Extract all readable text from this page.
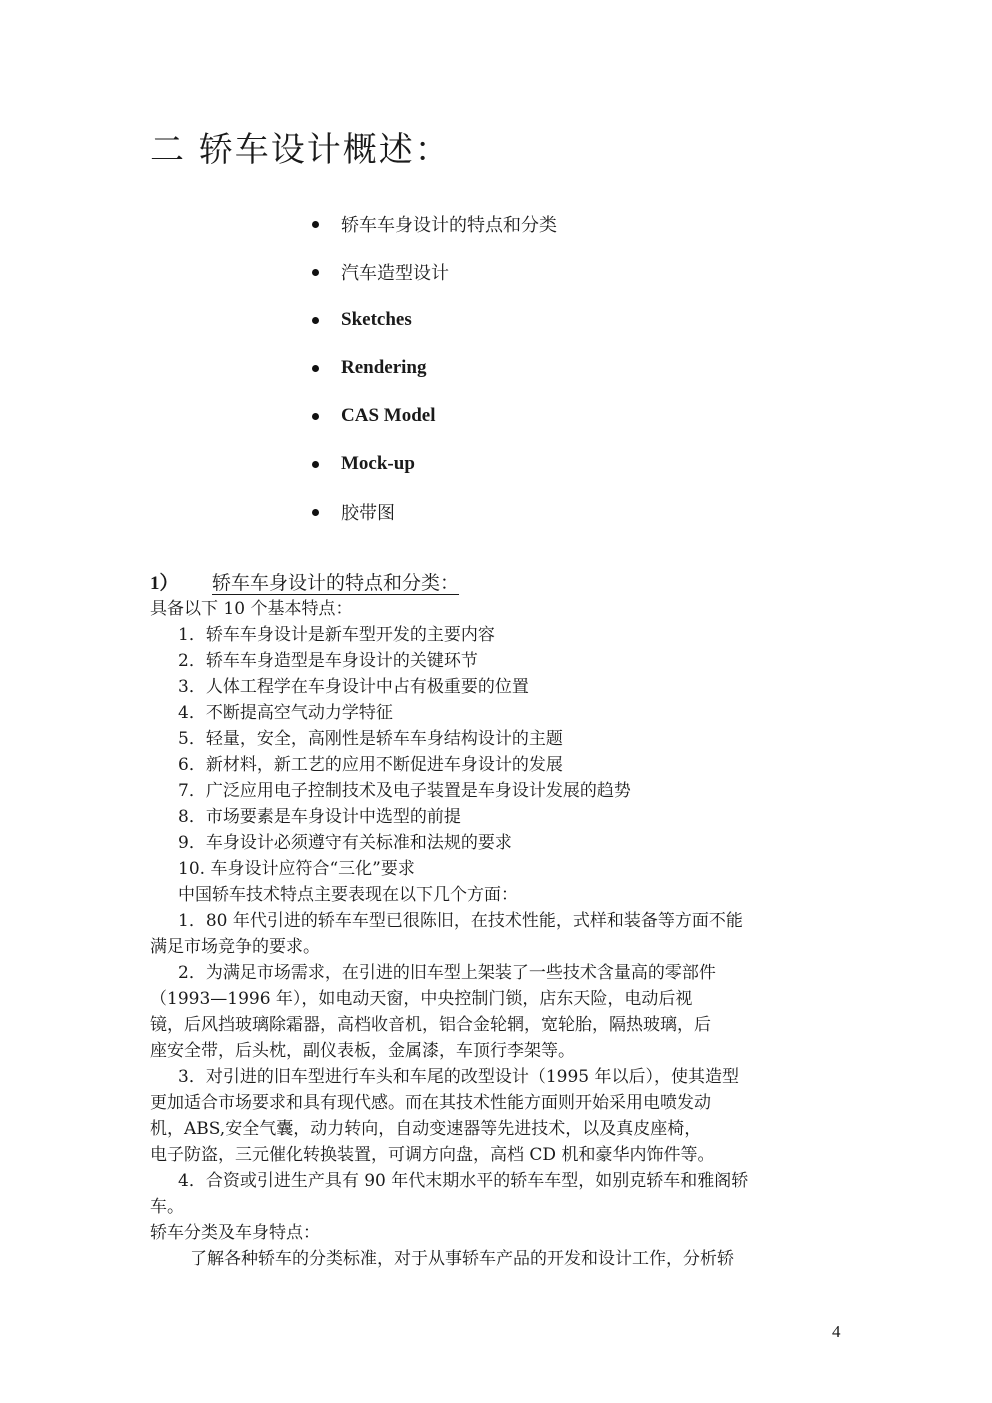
二 轿车设计概述：
轿车车身设计的特点和分类
汽车造型设计
Sketches
Rendering
CAS Model
Mock-up
胶带图
1）	轿车车身设计的特点和分类：
具备以下 10 个基本特点：
1．轿车车身设计是新车型开发的主要内容
2．轿车车身造型是车身设计的关键环节
3．人体工程学在车身设计中占有极重要的位置
4．不断提高空气动力学特征
5．轻量，安全，高刚性是轿车车身结构设计的主题
6．新材料，新工艺的应用不断促进车身设计的发展
7．广泛应用电子控制技术及电子装置是车身设计发展的趋势
8．市场要素是车身设计中选型的前提
9．车身设计必须遵守有关标准和法规的要求
10. 车身设计应符合“三化”要求
中国轿车技术特点主要表现在以下几个方面：
1．80 年代引进的轿车车型已很陈旧，在技术性能，式样和装备等方面不能
满足市场竞争的要求。
2．为满足市场需求，在引进的旧车型上架装了一些技术含量高的零部件
（1993—1996 年），如电动天窗，中央控制门锁，店东天险，电动后视
镜，后风挡玻璃除霜器，高档收音机，铝合金轮辋，宽轮胎，隔热玻璃，后
座安全带，后头枕，副仪表板，金属漆，车顶行李架等。
3．对引进的旧车型进行车头和车尾的改型设计（1995 年以后），使其造型
更加适合市场要求和具有现代感。而在其技术性能方面则开始采用电喷发动
机，ABS,安全气囊，动力转向，自动变速器等先进技术，以及真皮座椅，
电子防盗，三元催化转换装置，可调方向盘，高档 CD 机和豪华内饰件等。
4．合资或引进生产具有 90 年代末期水平的轿车车型，如别克轿车和雅阁轿
车。
轿车分类及车身特点：
了解各种轿车的分类标准，对于从事轿车产品的开发和设计工作，分析轿
4
